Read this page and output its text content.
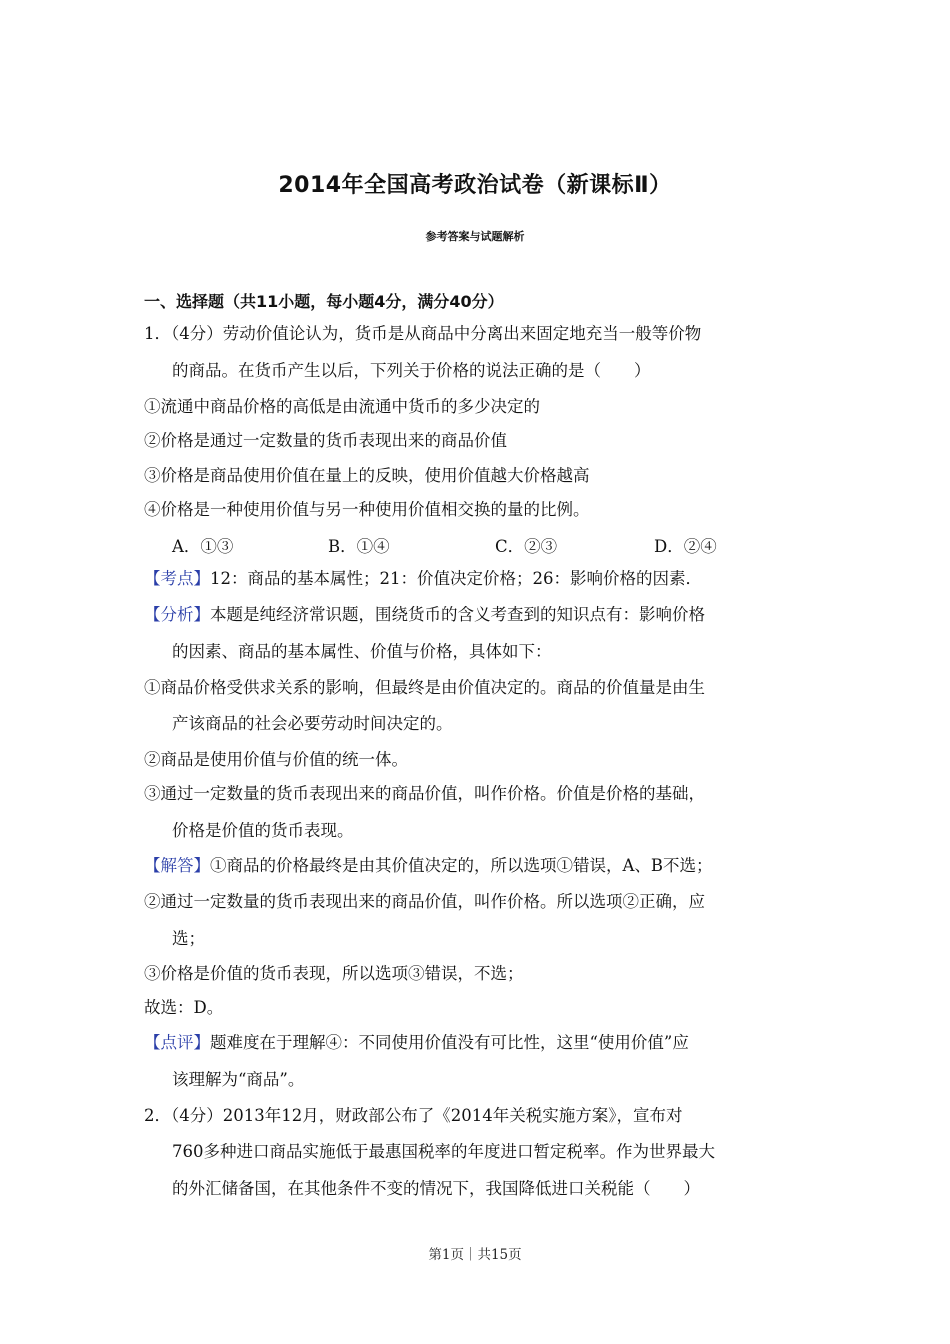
2014年全国高考政治试卷（新课标Ⅱ）
参考答案与试题解析
一、选择题（共11小题，每小题4分，满分40分）
1．（4分）劳动价值论认为，货币是从商品中分离出来固定地充当一般等价物
的商品。在货币产生以后，下列关于价格的说法正确的是（　　）
①流通中商品价格的高低是由流通中货币的多少决定的
②价格是通过一定数量的货币表现出来的商品价值
③价格是商品使用价值在量上的反映，使用价值越大价格越高
④价格是一种使用价值与另一种使用价值相交换的量的比例。
A．①③	B．①④	C．②③	D．②④
【考点】12：商品的基本属性；21：价值决定价格；26：影响价格的因素．
【分析】本题是纯经济常识题，围绕货币的含义考查到的知识点有：影响价格
的因素、商品的基本属性、价值与价格，具体如下：
①商品价格受供求关系的影响，但最终是由价值决定的。商品的价值量是由生
产该商品的社会必要劳动时间决定的。
②商品是使用价值与价值的统一体。
③通过一定数量的货币表现出来的商品价值，叫作价格。价值是价格的基础，
价格是价值的货币表现。
【解答】①商品的价格最终是由其价值决定的，所以选项①错误，A、B不选；
②通过一定数量的货币表现出来的商品价值，叫作价格。所以选项②正确，应
选；
③价格是价值的货币表现，所以选项③错误，不选；
故选：D。
【点评】题难度在于理解④：不同使用价值没有可比性，这里“使用价值”应
该理解为“商品”。
2．（4分）2013年12月，财政部公布了《2014年关税实施方案》，宣布对
760多种进口商品实施低于最惠国税率的年度进口暂定税率。作为世界最大
的外汇储备国，在其他条件不变的情况下，我国降低进口关税能（　　）
第1页｜共15页
